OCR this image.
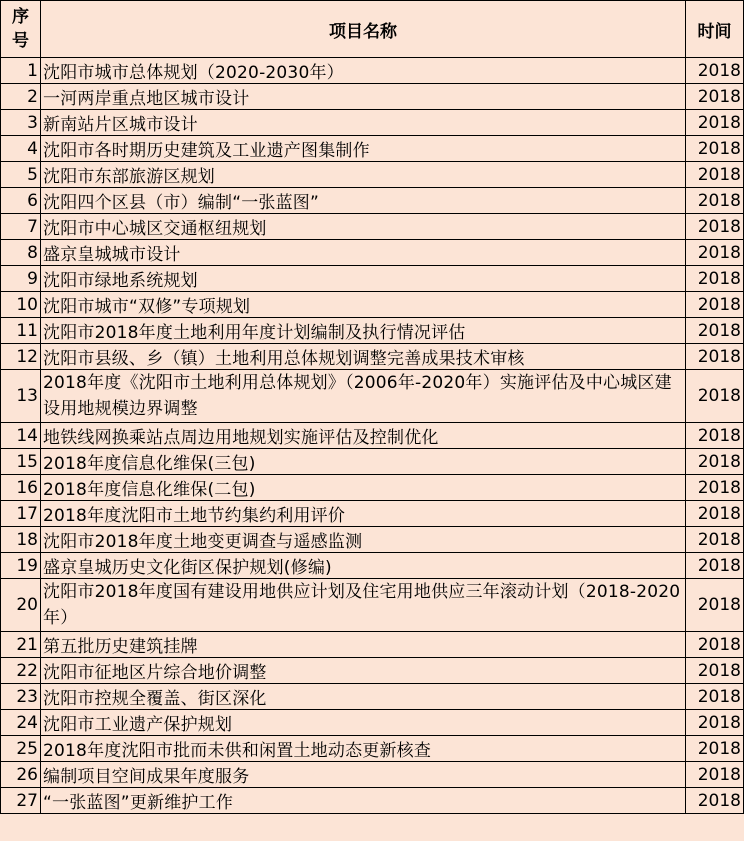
序号	项目名称	时间
1	沈阳市城市总体规划（2020-2030年）	2018
2	一河两岸重点地区城市设计	2018
3	新南站片区城市设计	2018
4	沈阳市各时期历史建筑及工业遗产图集制作	2018
5	沈阳市东部旅游区规划	2018
6	沈阳四个区县（市）编制“一张蓝图”	2018
7	沈阳市中心城区交通枢纽规划	2018
8	盛京皇城城市设计	2018
9	沈阳市绿地系统规划	2018
10	沈阳市城市“双修”专项规划	2018
11	沈阳市2018年度土地利用年度计划编制及执行情况评估	2018
12	沈阳市县级、乡（镇）土地利用总体规划调整完善成果技术审核	2018
13	2018年度《沈阳市土地利用总体规划》（2006年-2020年）实施评估及中心城区建设用地规模边界调整	2018
14	地铁线网换乘站点周边用地规划实施评估及控制优化	2018
15	2018年度信息化维保(三包)	2018
16	2018年度信息化维保(二包)	2018
17	2018年度沈阳市土地节约集约利用评价	2018
18	沈阳市2018年度土地变更调查与遥感监测	2018
19	盛京皇城历史文化街区保护规划(修编)	2018
20	沈阳市2018年度国有建设用地供应计划及住宅用地供应三年滚动计划（2018-2020年）	2018
21	第五批历史建筑挂牌	2018
22	沈阳市征地区片综合地价调整	2018
23	沈阳市控规全覆盖、街区深化	2018
24	沈阳市工业遗产保护规划	2018
25	2018年度沈阳市批而未供和闲置土地动态更新核查	2018
26	编制项目空间成果年度服务	2018
27	“一张蓝图”更新维护工作	2018
